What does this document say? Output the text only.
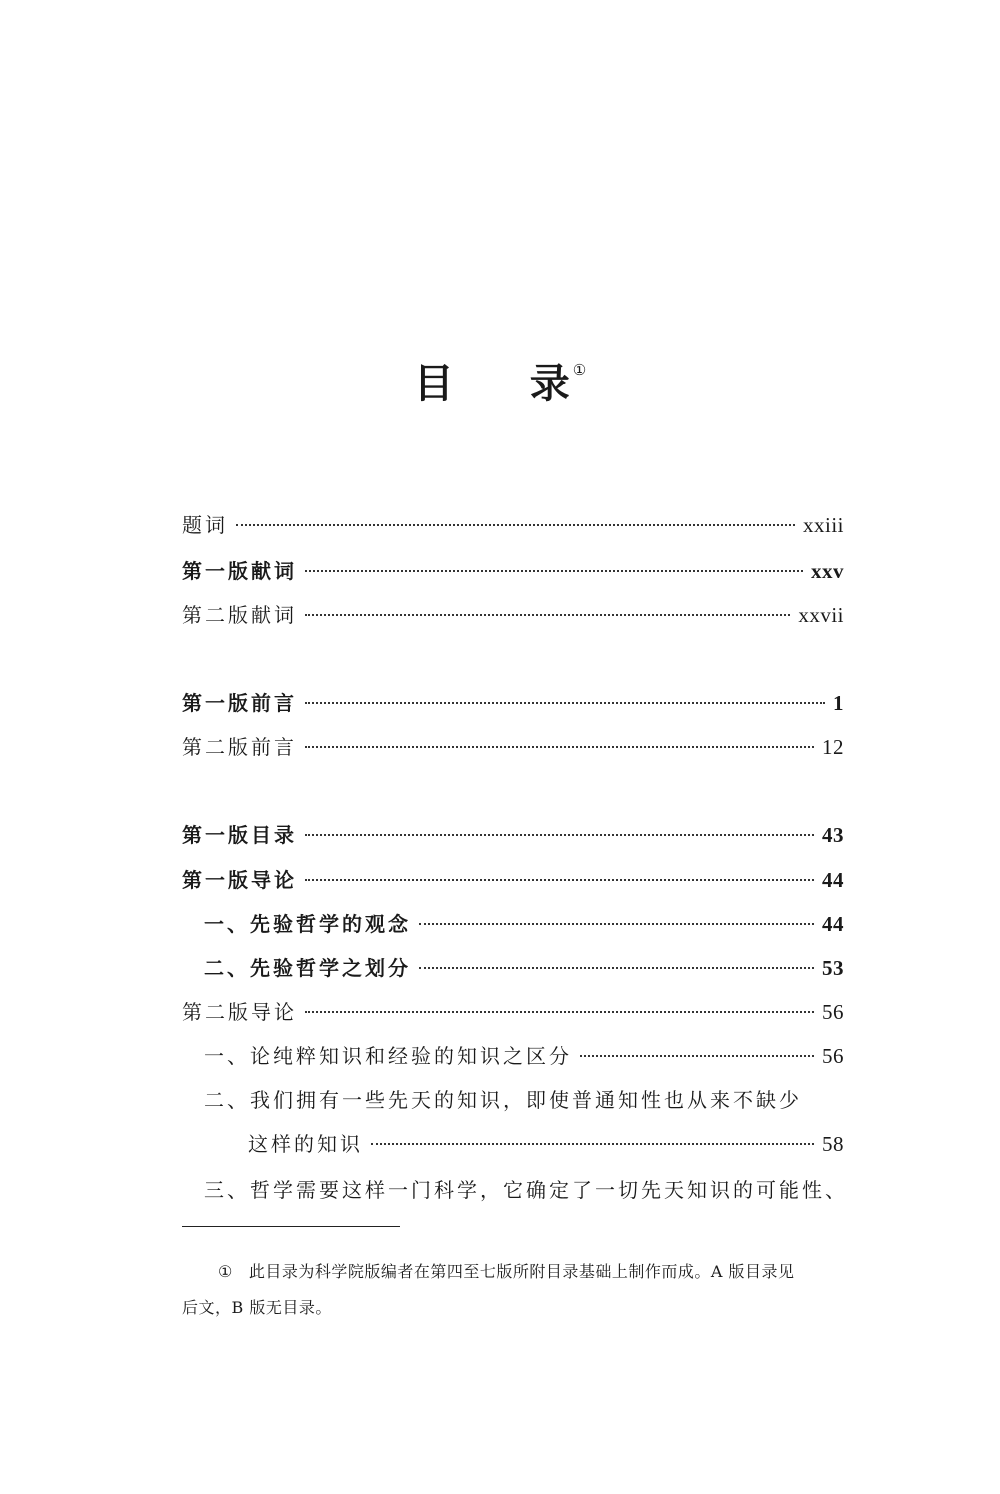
目 录 ①
题词	xxiii
第一版献词	xxv
第二版献词	xxvii
第一版前言	1
第二版前言	12
第一版目录	43
第一版导论	44
一、先验哲学的观念	44
二、先验哲学之划分	53
第二版导论	56
一、论纯粹知识和经验的知识之区分	56
二、我们拥有一些先天的知识，即使普通知性也从来不缺少
这样的知识	58
三、哲学需要这样一门科学，它确定了一切先天知识的可能性、
① 此目录为科学院版编者在第四至七版所附目录基础上制作而成。A 版目录见
后文，B 版无目录。
